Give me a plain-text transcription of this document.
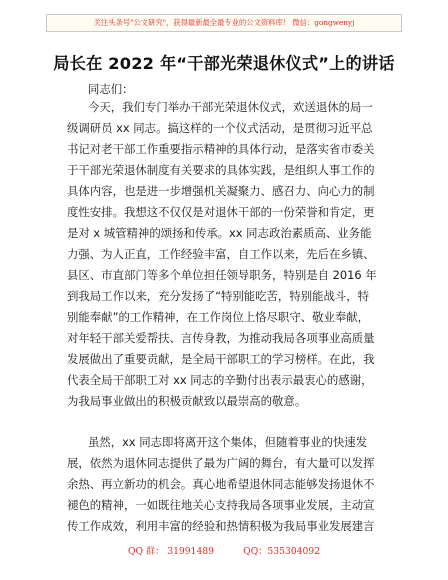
关注头条号"公文研究"，获得最新最全最专业的公文资料库！ 微信：gongwenyj
局长在 2022 年“干部光荣退休仪式”上的讲话
同志们：
今天，我们专门举办干部光荣退休仪式，欢送退休的局一
级调研员 xx 同志。搞这样的一个仪式活动，是贯彻习近平总
书记对老干部工作重要指示精神的具体行动，是落实省市委关
于干部光荣退休制度有关要求的具体实践，是组织人事工作的
具体内容，也是进一步增强机关凝聚力、感召力、向心力的制
度性安排。我想这不仅仅是对退休干部的一份荣誉和肯定，更
是对 x 城管精神的颂扬和传承。xx 同志政治素质高、业务能
力强、为人正直，工作经验丰富，自工作以来，先后在乡镇、
县区、市直部门等多个单位担任领导职务，特别是自 2016 年
到我局工作以来，充分发扬了“特别能吃苦，特别能战斗，特
别能奉献”的工作精神，在工作岗位上恪尽职守、敬业奉献，
对年轻干部关爱帮扶、言传身教，为推动我局各项事业高质量
发展做出了重要贡献，是全局干部职工的学习榜样。在此，我
代表全局干部职工对 xx 同志的辛勤付出表示最衷心的感谢，
为我局事业做出的积极贡献致以最崇高的敬意。
虽然，xx 同志即将离开这个集体，但随着事业的快速发
展，依然为退休同志提供了最为广阔的舞台，有大量可以发挥
余热、再立新功的机会。真心地希望退休同志能够发扬退休不
褪色的精神，一如既往地关心支持我局各项事业发展，主动宣
传工作成效，利用丰富的经验和热情积极为我局事业发展建言
QQ 群： 31991489          QQ：535304092
